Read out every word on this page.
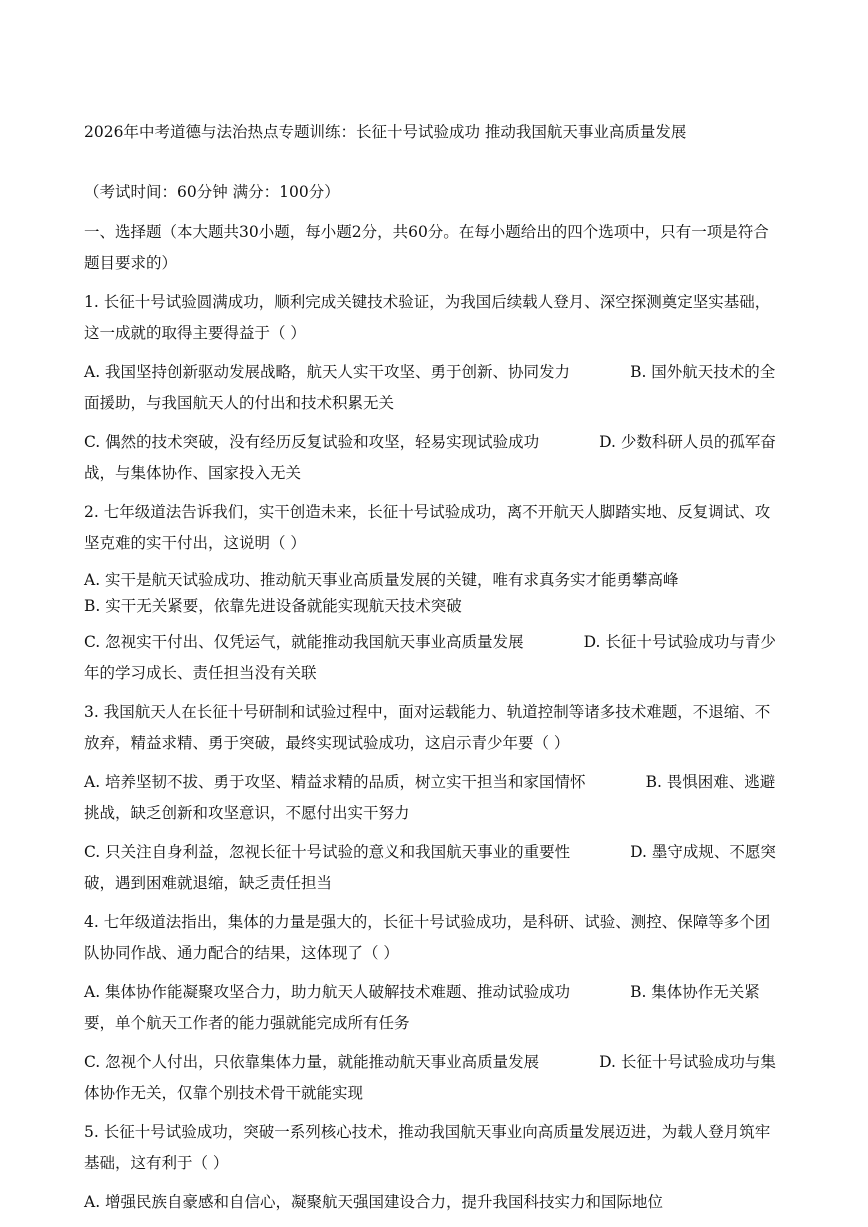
2026年中考道德与法治热点专题训练：长征十号试验成功 推动我国航天事业高质量发展

（考试时间：60分钟 满分：100分）

一、选择题（本大题共30小题，每小题2分，共60分。在每小题给出的四个选项中，只有一项是符合题目要求的）

1. 长征十号试验圆满成功，顺利完成关键技术验证，为我国后续载人登月、深空探测奠定坚实基础，这一成就的取得主要得益于（ ）

A. 我国坚持创新驱动发展战略，航天人实干攻坚、勇于创新、协同发力	B. 国外航天技术的全面援助，与我国航天人的付出和技术积累无关

C. 偶然的技术突破，没有经历反复试验和攻坚，轻易实现试验成功	D. 少数科研人员的孤军奋战，与集体协作、国家投入无关

2. 七年级道法告诉我们，实干创造未来，长征十号试验成功，离不开航天人脚踏实地、反复调试、攻坚克难的实干付出，这说明（ ）

A. 实干是航天试验成功、推动航天事业高质量发展的关键，唯有求真务实才能勇攀高峰
B. 实干无关紧要，依靠先进设备就能实现航天技术突破

C. 忽视实干付出、仅凭运气，就能推动我国航天事业高质量发展	D. 长征十号试验成功与青少年的学习成长、责任担当没有关联

3. 我国航天人在长征十号研制和试验过程中，面对运载能力、轨道控制等诸多技术难题，不退缩、不放弃，精益求精、勇于突破，最终实现试验成功，这启示青少年要（ ）

A. 培养坚韧不拔、勇于攻坚、精益求精的品质，树立实干担当和家国情怀	B. 畏惧困难、逃避挑战，缺乏创新和攻坚意识，不愿付出实干努力

C. 只关注自身利益，忽视长征十号试验的意义和我国航天事业的重要性	D. 墨守成规、不愿突破，遇到困难就退缩，缺乏责任担当

4. 七年级道法指出，集体的力量是强大的，长征十号试验成功，是科研、试验、测控、保障等多个团队协同作战、通力配合的结果，这体现了（ ）

A. 集体协作能凝聚攻坚合力，助力航天人破解技术难题、推动试验成功	B. 集体协作无关紧要，单个航天工作者的能力强就能完成所有任务

C. 忽视个人付出，只依靠集体力量，就能推动航天事业高质量发展	D. 长征十号试验成功与集体协作无关，仅靠个别技术骨干就能实现

5. 长征十号试验成功，突破一系列核心技术，推动我国航天事业向高质量发展迈进，为载人登月筑牢基础，这有利于（ ）

A. 增强民族自豪感和自信心，凝聚航天强国建设合力，提升我国科技实力和国际地位
